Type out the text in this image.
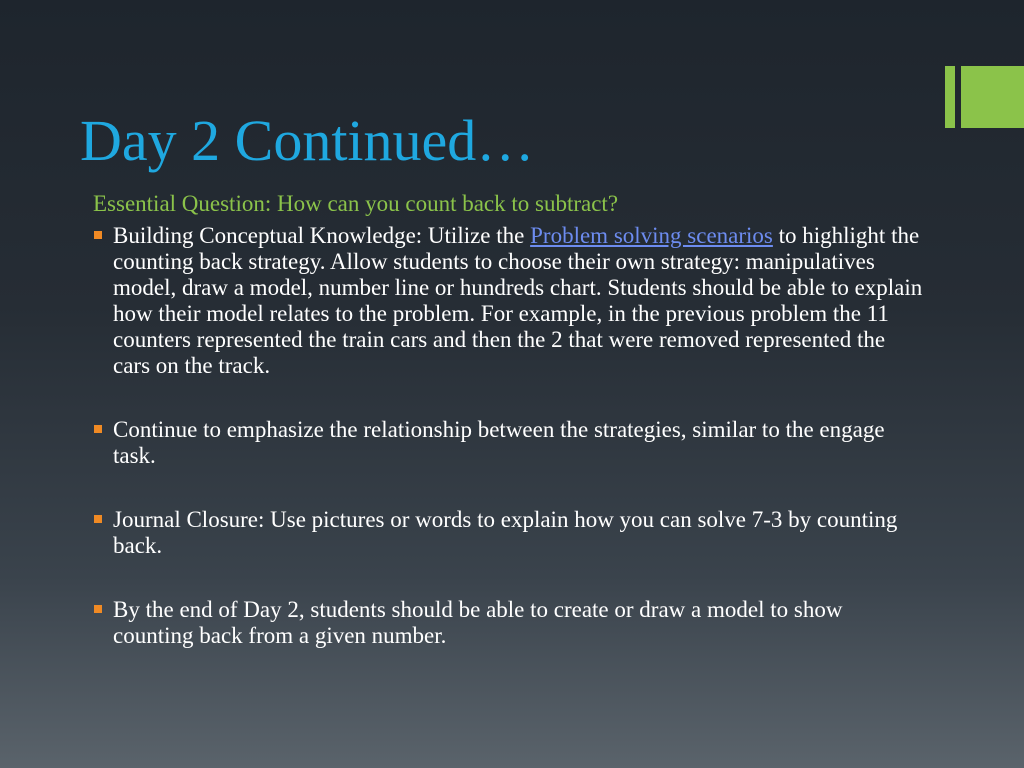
Day 2 Continued…

Essential Question: How can you count back to subtract?

Building Conceptual Knowledge: Utilize the Problem solving scenarios to highlight the counting back strategy. Allow students to choose their own strategy: manipulatives model, draw a model, number line or hundreds chart. Students should be able to explain how their model relates to the problem. For example, in the previous problem the 11 counters represented the train cars and then the 2 that were removed represented the cars on the track.
Continue to emphasize the relationship between the strategies, similar to the engage task.
Journal Closure: Use pictures or words to explain how you can solve 7-3 by counting back.
By the end of Day 2, students should be able to create or draw a model to show counting back from a given number.
